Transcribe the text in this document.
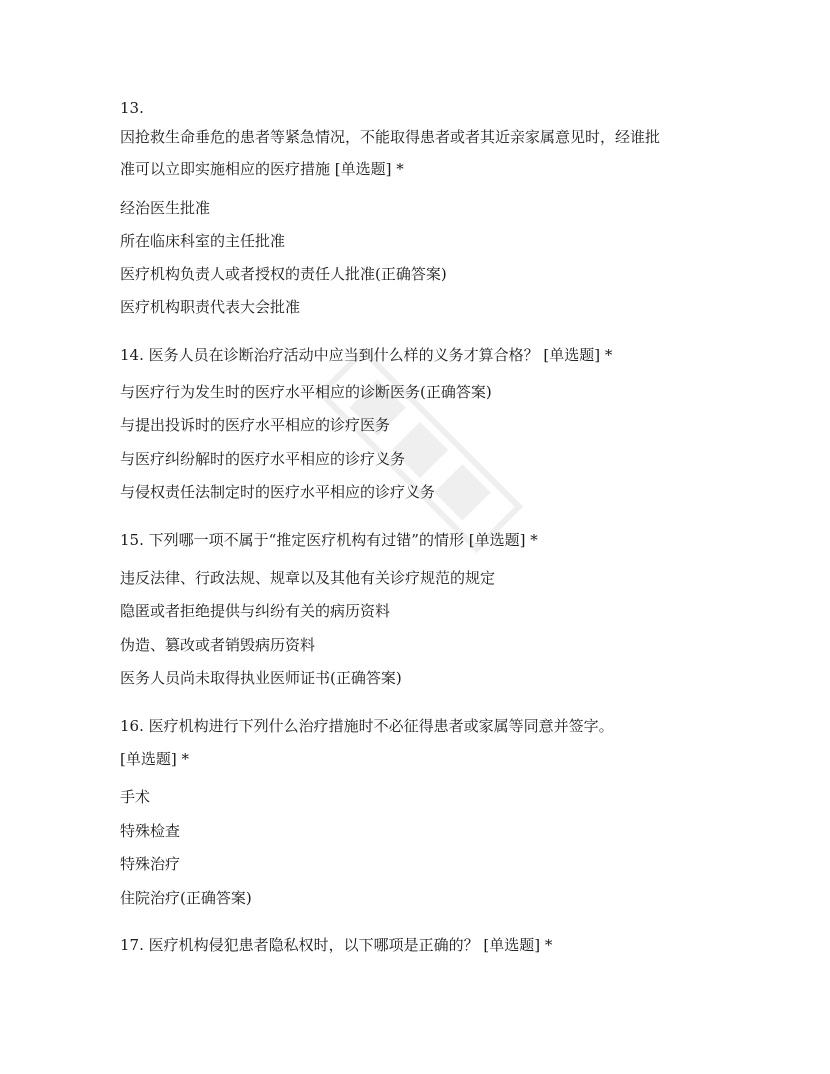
13.
因抢救生命垂危的患者等紧急情况，不能取得患者或者其近亲家属意见时，经谁批
准可以立即实施相应的医疗措施 [单选题] *
经治医生批准
所在临床科室的主任批准
医疗机构负责人或者授权的责任人批准(正确答案)
医疗机构职责代表大会批准
14. 医务人员在诊断治疗活动中应当到什么样的义务才算合格？ [单选题] *
与医疗行为发生时的医疗水平相应的诊断医务(正确答案)
与提出投诉时的医疗水平相应的诊疗医务
与医疗纠纷解时的医疗水平相应的诊疗义务
与侵权责任法制定时的医疗水平相应的诊疗义务
15. 下列哪一项不属于“推定医疗机构有过错”的情形 [单选题] *
违反法律、行政法规、规章以及其他有关诊疗规范的规定
隐匿或者拒绝提供与纠纷有关的病历资料
伪造、篡改或者销毁病历资料
医务人员尚未取得执业医师证书(正确答案)
16. 医疗机构进行下列什么治疗措施时不必征得患者或家属等同意并签字。
[单选题] *
手术
特殊检查
特殊治疗
住院治疗(正确答案)
17. 医疗机构侵犯患者隐私权时，以下哪项是正确的？ [单选题] *
